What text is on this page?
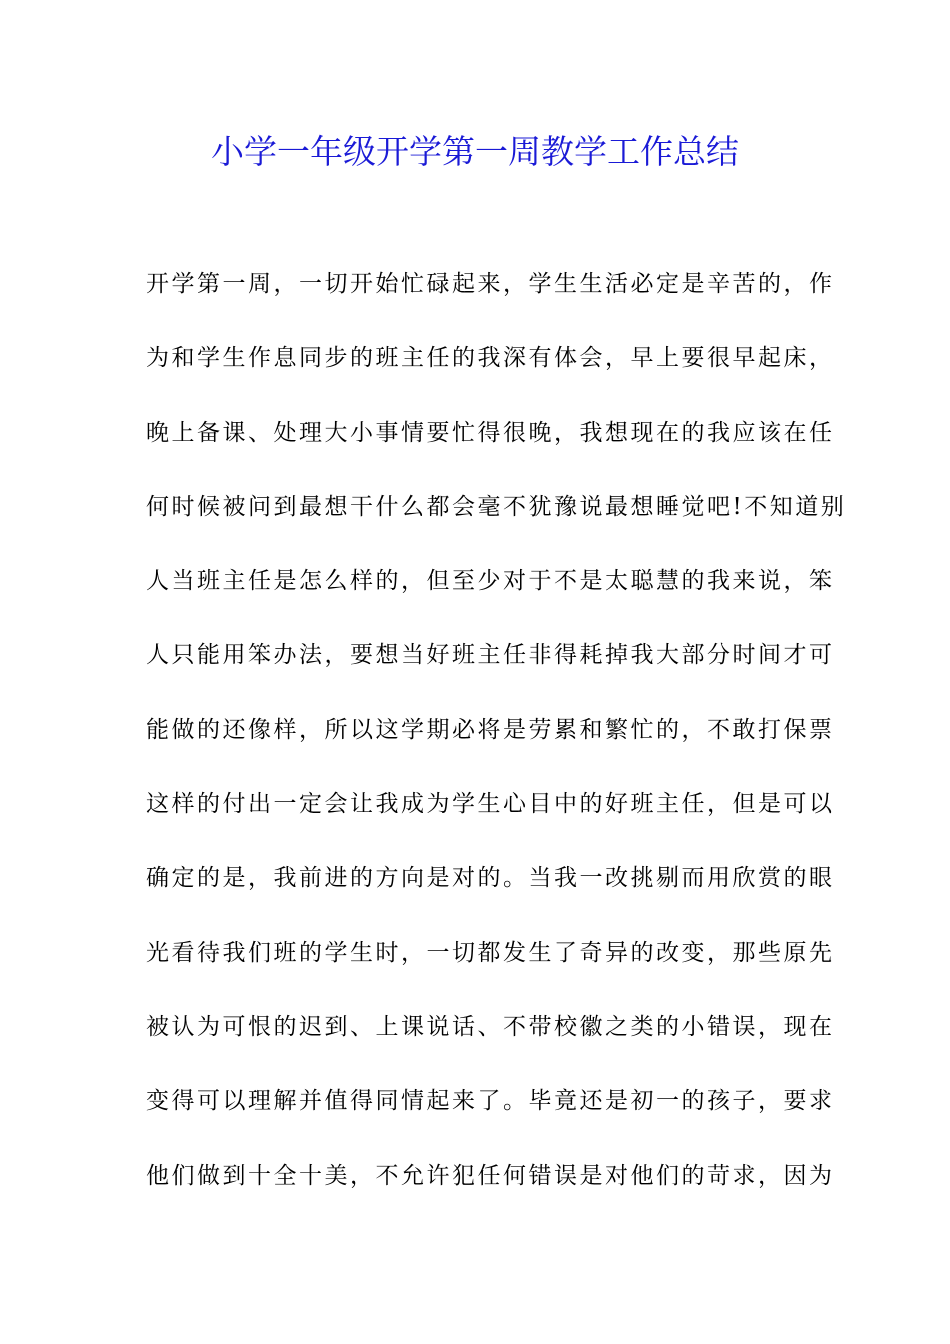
小学一年级开学第一周教学工作总结
开学第一周，一切开始忙碌起来，学生生活必定是辛苦的，作
为和学生作息同步的班主任的我深有体会，早上要很早起床，
晚上备课、处理大小事情要忙得很晚，我想现在的我应该在任
何时候被问到最想干什么都会毫不犹豫说最想睡觉吧!不知道别
人当班主任是怎么样的，但至少对于不是太聪慧的我来说，笨
人只能用笨办法，要想当好班主任非得耗掉我大部分时间才可
能做的还像样，所以这学期必将是劳累和繁忙的，不敢打保票
这样的付出一定会让我成为学生心目中的好班主任，但是可以
确定的是，我前进的方向是对的。当我一改挑剔而用欣赏的眼
光看待我们班的学生时，一切都发生了奇异的改变，那些原先
被认为可恨的迟到、上课说话、不带校徽之类的小错误，现在
变得可以理解并值得同情起来了。毕竟还是初一的孩子，要求
他们做到十全十美，不允许犯任何错误是对他们的苛求，因为
